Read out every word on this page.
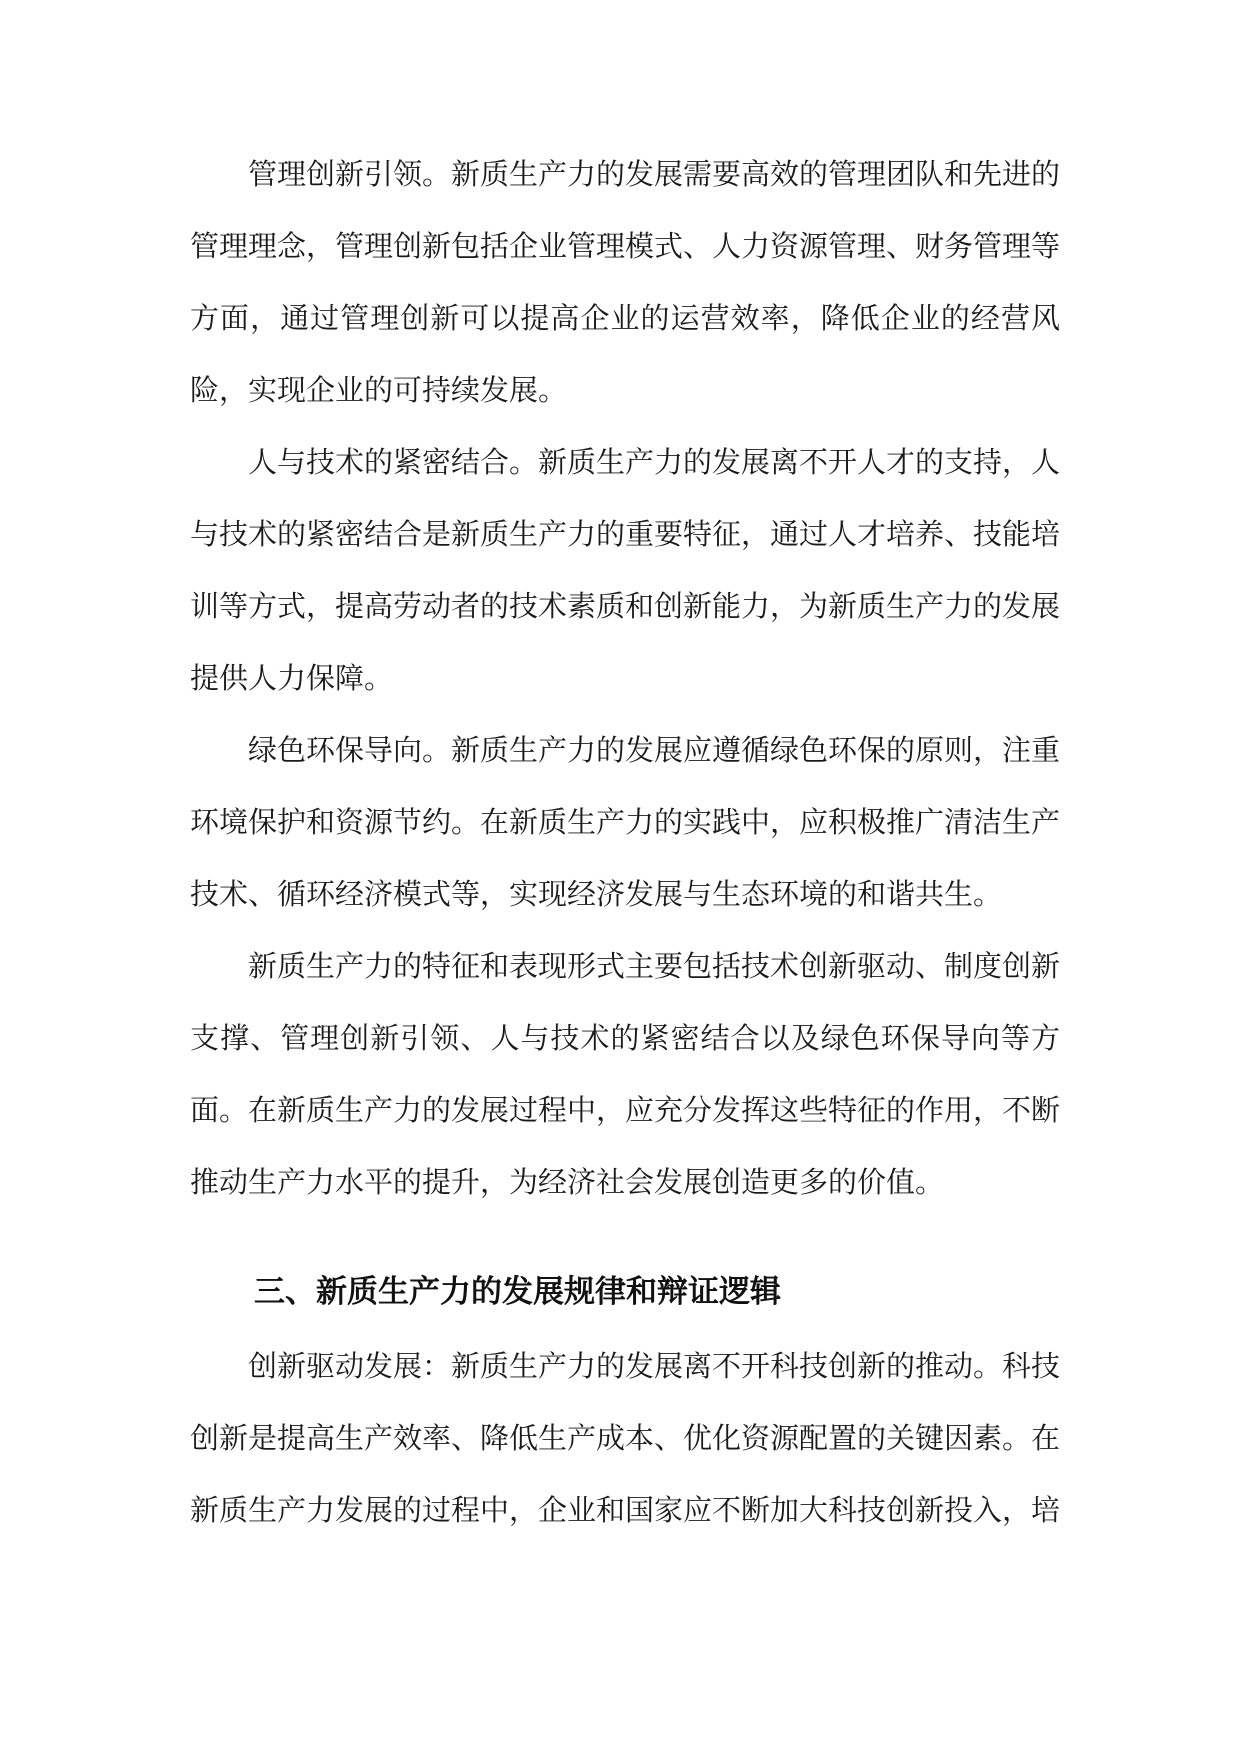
管理创新引领。新质生产力的发展需要高效的管理团队和先进的管理理念，管理创新包括企业管理模式、人力资源管理、财务管理等方面，通过管理创新可以提高企业的运营效率，降低企业的经营风险，实现企业的可持续发展。

人与技术的紧密结合。新质生产力的发展离不开人才的支持，人与技术的紧密结合是新质生产力的重要特征，通过人才培养、技能培训等方式，提高劳动者的技术素质和创新能力，为新质生产力的发展提供人力保障。

绿色环保导向。新质生产力的发展应遵循绿色环保的原则，注重环境保护和资源节约。在新质生产力的实践中，应积极推广清洁生产技术、循环经济模式等，实现经济发展与生态环境的和谐共生。

新质生产力的特征和表现形式主要包括技术创新驱动、制度创新支撑、管理创新引领、人与技术的紧密结合以及绿色环保导向等方面。在新质生产力的发展过程中，应充分发挥这些特征的作用，不断推动生产力水平的提升，为经济社会发展创造更多的价值。

三、新质生产力的发展规律和辩证逻辑

创新驱动发展：新质生产力的发展离不开科技创新的推动。科技创新是提高生产效率、降低生产成本、优化资源配置的关键因素。在新质生产力发展的过程中，企业和国家应不断加大科技创新投入，培
